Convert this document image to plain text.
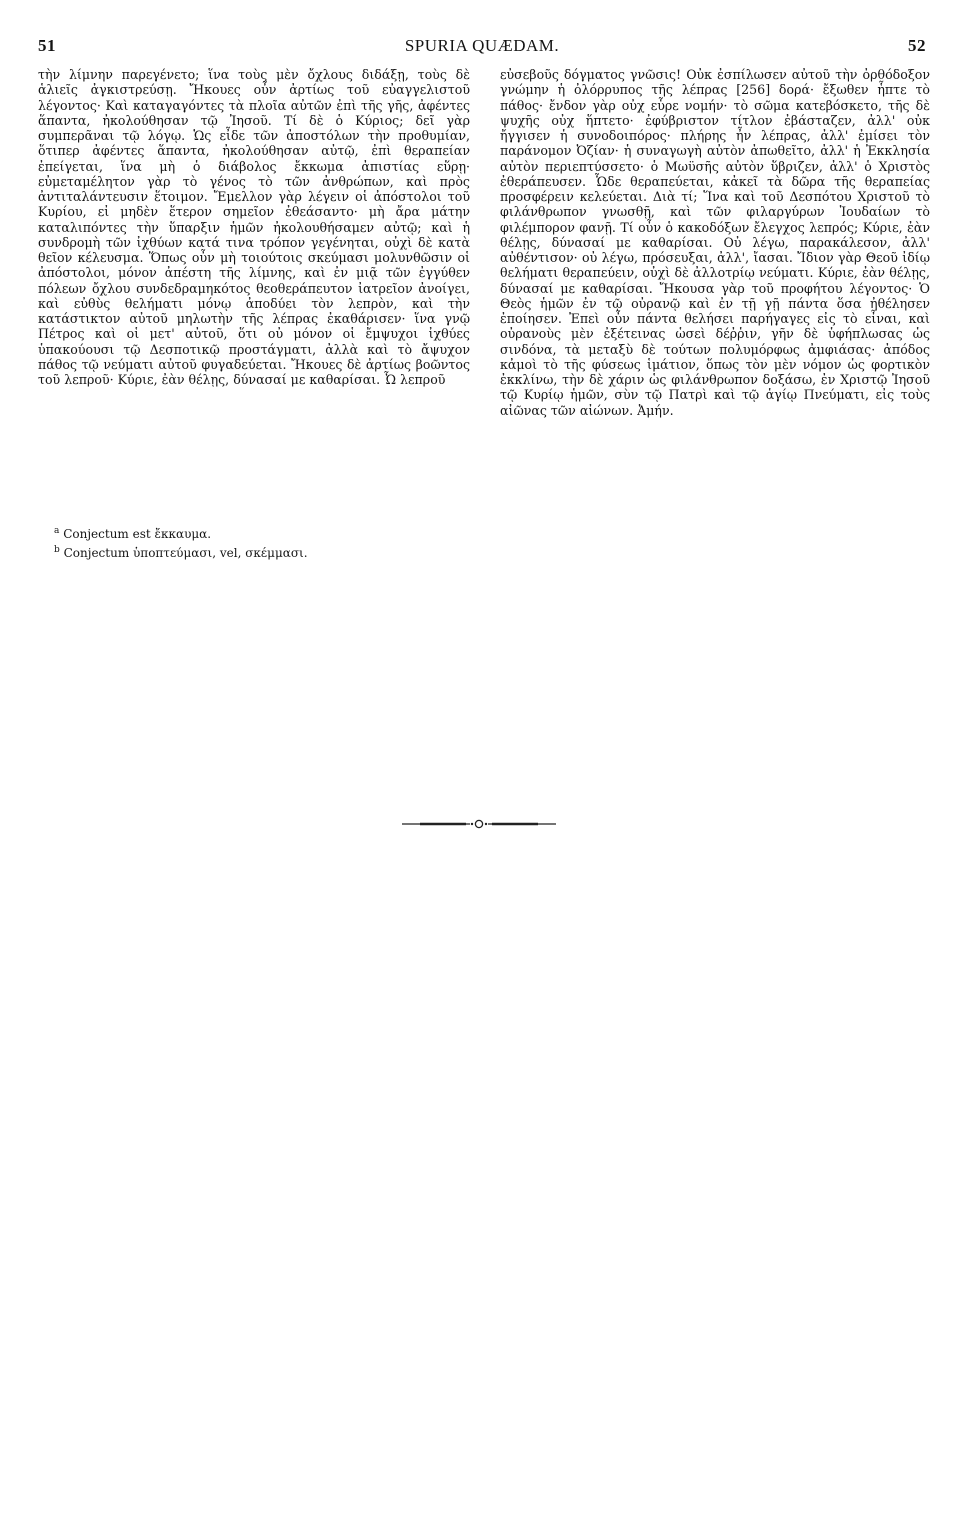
51	SPURIA QUÆDAM.	52

τὴν λίμνην παρεγένετο; ἵνα τοὺς μὲν ὄχλους διδάξῃ, τοὺς δὲ ἁλιεῖς ἀγκιστρεύσῃ. Ἤκουες οὖν ἀρτίως τοῦ εὐαγγελιστοῦ λέγοντος· Καὶ καταγαγόντες τὰ πλοῖα αὐτῶν ἐπὶ τῆς γῆς, ἀφέντες ἅπαντα, ἠκολούθησαν τῷ Ἰησοῦ. Τί δὲ ὁ Κύριος; δεῖ γὰρ συμπερᾶναι τῷ λόγῳ. Ὡς εἶδε τῶν ἀποστόλων τὴν προθυμίαν, ὅτιπερ ἀφέντες ἅπαντα, ἠκολούθησαν αὐτῷ, ἐπὶ θεραπείαν ἐπείγεται, ἵνα μὴ ὁ διάβολος ἔκκωμα ἀπιστίας εὕρῃ· εὐμεταμέλητον γὰρ τὸ γένος τὸ τῶν ἀνθρώπων, καὶ πρὸς ἀντιταλάντευσιν ἕτοιμον. Ἔμελλον γὰρ λέγειν οἱ ἀπόστολοι τοῦ Κυρίου, εἰ μηδὲν ἕτερον σημεῖον ἐθεάσαντο· μὴ ἄρα μάτην καταλιπόντες τὴν ὕπαρξιν ἡμῶν ἠκολουθήσαμεν αὐτῷ; καὶ ἡ συνδρομὴ τῶν ἰχθύων κατά τινα τρόπον γεγένηται, οὐχὶ δὲ κατὰ θεῖον κέλευσμα. Ὅπως οὖν μὴ τοιούτοις σκεύμασι μολυνθῶσιν οἱ ἀπόστολοι, μόνον ἀπέστη τῆς λίμνης, καὶ ἐν μιᾷ τῶν ἐγγύθεν πόλεων ὄχλου συνδεδραμηκότος θεοθεράπευτον ἰατρεῖον ἀνοίγει, καὶ εὐθὺς θελήματι μόνῳ ἀποδύει τὸν λεπρὸν, καὶ τὴν κατάστικτον αὐτοῦ μηλωτὴν τῆς λέπρας ἐκαθάρισεν· ἵνα γνῷ Πέτρος καὶ οἱ μετ' αὐτοῦ, ὅτι οὐ μόνον οἱ ἔμψυχοι ἰχθύες ὑπακούουσι τῷ Δεσποτικῷ προστάγματι, ἀλλὰ καὶ τὸ ἄψυχον πάθος τῷ νεύματι αὐτοῦ φυγαδεύεται. Ἤκουες δὲ ἀρτίως βοῶντος τοῦ λεπροῦ· Κύριε, ἐὰν θέλῃς, δύνασαί με καθαρίσαι. Ὦ λεπροῦ

$^a$ Conjectum est ἔκκαυμα.
$^b$ Conjectum ὑποπτεύμασι, vel, σκέμμασι.

εὐσεβοῦς δόγματος γνῶσις! Οὐκ ἐσπίλωσεν αὐτοῦ τὴν ὀρθόδοξον γνώμην ἡ ὀλόρρυπος τῆς λέπρας [256] δορά· ἔξωθεν ἧπτε τὸ πάθος· ἔνδον γὰρ οὐχ εὗρε νομήν· τὸ σῶμα κατεβόσκετο, τῆς δὲ ψυχῆς οὐχ ἥπτετο· ἐφύβριστον τίτλον ἐβάσταζεν, ἀλλ' οὐκ ἤγγισεν ἡ συνοδοιπόρος· πλήρης ἦν λέπρας, ἀλλ' ἐμίσει τὸν παράνομον Ὀζίαν· ἡ συναγωγὴ αὐτὸν ἀπωθεῖτο, ἀλλ' ἡ Ἐκκλησία αὐτὸν περιεπτύσσετο· ὁ Μωϋσῆς αὐτὸν ὕβριζεν, ἀλλ' ὁ Χριστὸς ἐθεράπευσεν. Ὧδε θεραπεύεται, κἀκεῖ τὰ δῶρα τῆς θεραπείας προσφέρειν κελεύεται. Διὰ τί; Ἵνα καὶ τοῦ Δεσπότου Χριστοῦ τὸ φιλάνθρωπον γνωσθῇ, καὶ τῶν φιλαργύρων Ἰουδαίων τὸ φιλέμπορον φανῇ. Τί οὖν ὁ κακοδόξων ἔλεγχος λεπρός; Κύριε, ἐὰν θέλῃς, δύνασαί με καθαρίσαι. Οὐ λέγω, παρακάλεσον, ἀλλ' αὐθέντισον· οὐ λέγω, πρόσευξαι, ἀλλ', ἴασαι. Ἴδιον γὰρ Θεοῦ ἰδίῳ θελήματι θεραπεύειν, οὐχὶ δὲ ἀλλοτρίῳ νεύματι. Κύριε, ἐὰν θέλῃς, δύνασαί με καθαρίσαι. Ἤκουσα γὰρ τοῦ προφήτου λέγοντος· Ὁ Θεὸς ἡμῶν ἐν τῷ οὐρανῷ καὶ ἐν τῇ γῇ πάντα ὅσα ἠθέλησεν ἐποίησεν. Ἐπεὶ οὖν πάντα θελήσει παρήγαγες εἰς τὸ εἶναι, καὶ οὐρανοὺς μὲν ἐξέτεινας ὡσεὶ δέῤῥιν, γῆν δὲ ὑφήπλωσας ὡς σινδόνα, τὰ μεταξὺ δὲ τούτων πολυμόρφως ἀμφιάσας· ἀπόδος κἀμοὶ τὸ τῆς φύσεως ἱμάτιον, ὅπως τὸν μὲν νόμον ὡς φορτικὸν ἐκκλίνω, τὴν δὲ χάριν ὡς φιλάνθρωπον δοξάσω, ἐν Χριστῷ Ἰησοῦ τῷ Κυρίῳ ἡμῶν, σὺν τῷ Πατρὶ καὶ τῷ ἁγίῳ Πνεύματι, εἰς τοὺς αἰῶνας τῶν αἰώνων. Ἀμήν.
